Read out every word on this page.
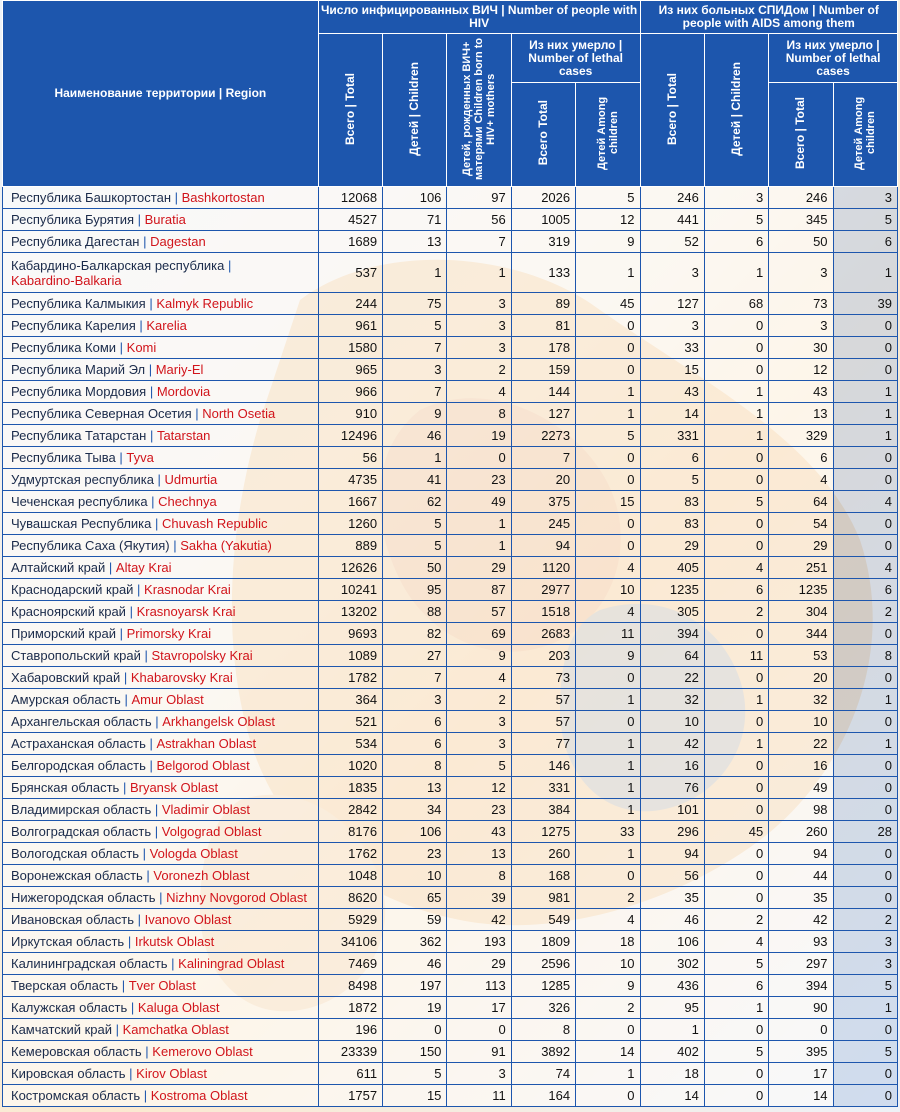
Наименование территории | Region	Число инфицированных ВИЧ | Number of people with HIV					Из них больных СПИДом | Number of people with AIDS among them			
	Всего | Total	Детей | Children	Детей, рожденных ВИЧ+ матерями Children born to HIV+ mothers	Из них умерло | Number of lethal cases		Всего | Total	Детей | Children	Из них умерло | Number of lethal cases	
				Всего Total	Детей Among children			Всего | Total	Детей Among children
Республика Башкортостан | Bashkortostan	12068	106	97	2026	5	246	3	246	3
Республика Бурятия | Buratia	4527	71	56	1005	12	441	5	345	5
Республика Дагестан | Dagestan	1689	13	7	319	9	52	6	50	6
Кабардино-Балкарская республика |
Kabardino-Balkaria	537	1	1	133	1	3	1	3	1
Республика Калмыкия | Kalmyk Republic	244	75	3	89	45	127	68	73	39
Республика Карелия | Karelia	961	5	3	81	0	3	0	3	0
Республика Коми | Komi	1580	7	3	178	0	33	0	30	0
Республика Марий Эл | Mariy-El	965	3	2	159	0	15	0	12	0
Республика Мордовия | Mordovia	966	7	4	144	1	43	1	43	1
Республика Северная Осетия | North Osetia	910	9	8	127	1	14	1	13	1
Республика Татарстан | Tatarstan	12496	46	19	2273	5	331	1	329	1
Республика Тыва | Tyva	56	1	0	7	0	6	0	6	0
Удмуртская республика | Udmurtia	4735	41	23	20	0	5	0	4	0
Чеченская республика | Chechnya	1667	62	49	375	15	83	5	64	4
Чувашская Республика | Chuvash Republic	1260	5	1	245	0	83	0	54	0
Республика Саха (Якутия) | Sakha (Yakutia)	889	5	1	94	0	29	0	29	0
Алтайский край | Altay Krai	12626	50	29	1120	4	405	4	251	4
Краснодарский край | Krasnodar Krai	10241	95	87	2977	10	1235	6	1235	6
Красноярский край | Krasnoyarsk Krai	13202	88	57	1518	4	305	2	304	2
Приморский край | Primorsky Krai	9693	82	69	2683	11	394	0	344	0
Ставропольский край | Stavropolsky Krai	1089	27	9	203	9	64	11	53	8
Хабаровский край | Khabarovsky Krai	1782	7	4	73	0	22	0	20	0
Амурская область | Amur Oblast	364	3	2	57	1	32	1	32	1
Архангельская область | Arkhangelsk Oblast	521	6	3	57	0	10	0	10	0
Астраханская область | Astrakhan Oblast	534	6	3	77	1	42	1	22	1
Белгородская область | Belgorod Oblast	1020	8	5	146	1	16	0	16	0
Брянская область | Bryansk Oblast	1835	13	12	331	1	76	0	49	0
Владимирская область | Vladimir Oblast	2842	34	23	384	1	101	0	98	0
Волгоградская область | Volgograd Oblast	8176	106	43	1275	33	296	45	260	28
Вологодская область | Vologda Oblast	1762	23	13	260	1	94	0	94	0
Воронежская область | Voronezh Oblast	1048	10	8	168	0	56	0	44	0
Нижегородская область | Nizhny Novgorod Oblast	8620	65	39	981	2	35	0	35	0
Ивановская область | Ivanovo Oblast	5929	59	42	549	4	46	2	42	2
Иркутская область | Irkutsk Oblast	34106	362	193	1809	18	106	4	93	3
Калининградская область | Kaliningrad Oblast	7469	46	29	2596	10	302	5	297	3
Тверская область | Tver Oblast	8498	197	113	1285	9	436	6	394	5
Калужская область | Kaluga Oblast	1872	19	17	326	2	95	1	90	1
Камчатский край | Kamchatka Oblast	196	0	0	8	0	1	0	0	0
Кемеровская область | Kemerovo Oblast	23339	150	91	3892	14	402	5	395	5
Кировская область | Kirov Oblast	611	5	3	74	1	18	0	17	0
Костромская область | Kostroma Oblast	1757	15	11	164	0	14	0	14	0
